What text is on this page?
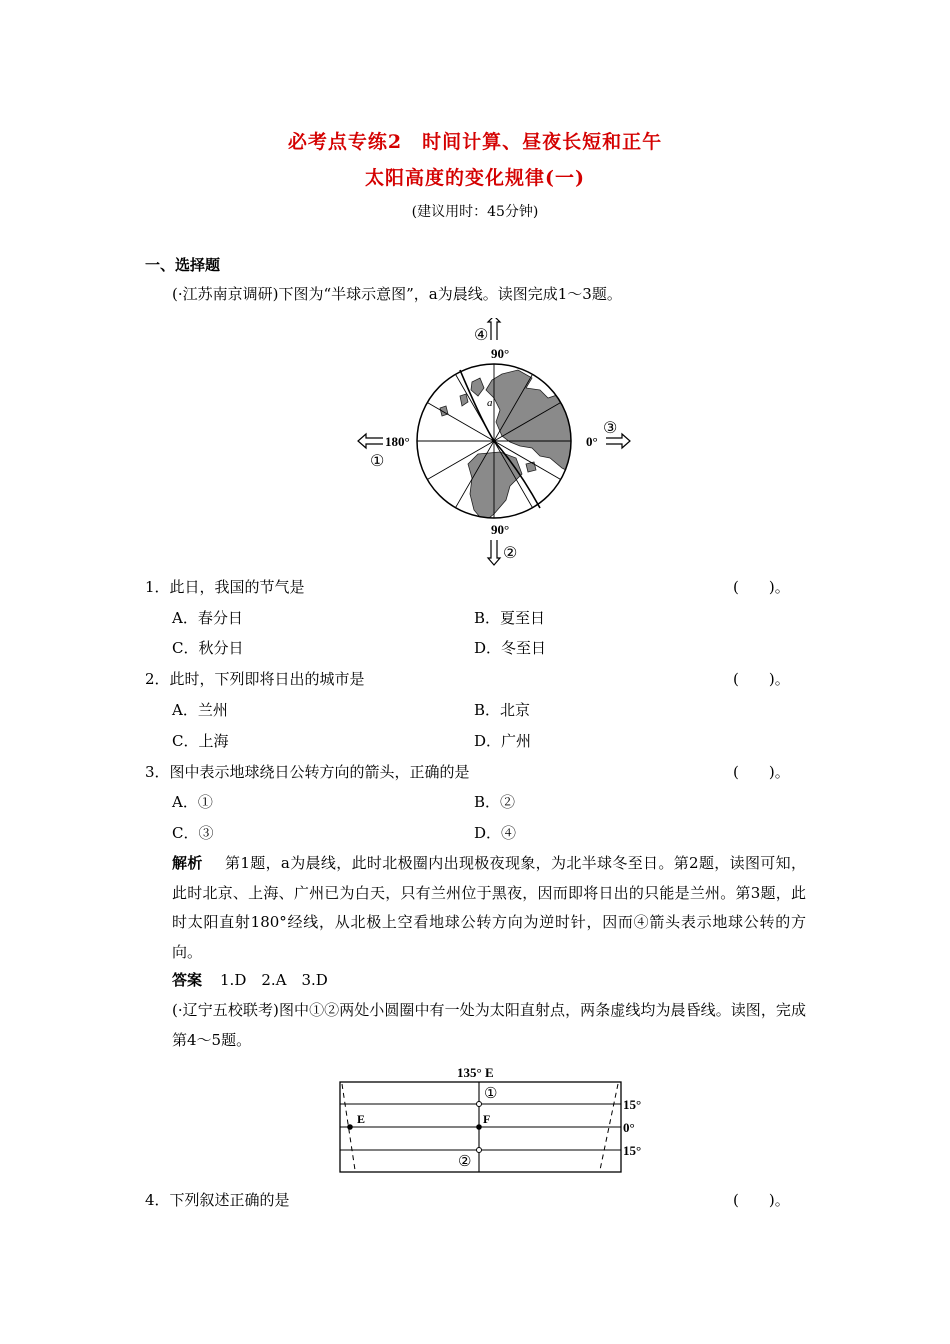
必考点专练2　时间计算、昼夜长短和正午
太阳高度的变化规律(一)
(建议用时：45分钟)
一、选择题
(·江苏南京调研)下图为“半球示意图”，a为晨线。读图完成1～3题。
a
90°
90°
180°	0°
④
①
③
②
1．此日，我国的节气是	(　　)。
A．春分日	B．夏至日
C．秋分日	D．冬至日
2．此时，下列即将日出的城市是	(　　)。
A．兰州	B．北京
C．上海	D．广州
3．图中表示地球绕日公转方向的箭头，正确的是	(　　)。
A．①	B．②
C．③	D．④
解析 第1题，a为晨线，此时北极圈内出现极夜现象，为北半球冬至日。第2题，读图可知，此时北京、上海、广州已为白天，只有兰州位于黑夜，因而即将日出的只能是兰州。第3题，此时太阳直射180°经线，从北极上空看地球公转方向为逆时针，因而④箭头表示地球公转的方向。
答案 1.D　2.A　3.D
(·辽宁五校联考)图中①②两处小圆圈中有一处为太阳直射点，两条虚线均为晨昏线。读图，完成第4～5题。
135° E
①
②
E	F
15°
0°
15°
4．下列叙述正确的是	(　　)。
